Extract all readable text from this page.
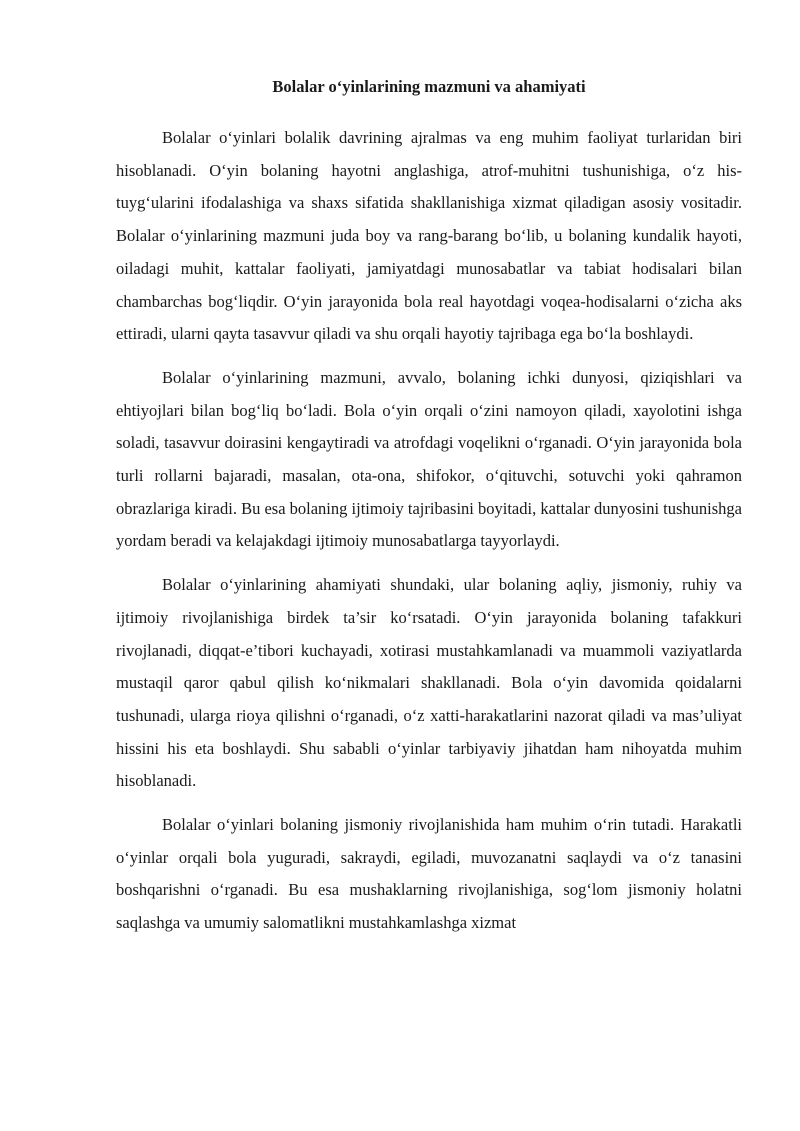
Bolalar o‘yinlarining mazmuni va ahamiyati

Bolalar o‘yinlari bolalik davrining ajralmas va eng muhim faoliyat turlaridan biri hisoblanadi. O‘yin bolaning hayotni anglashiga, atrof-muhitni tushunishiga, o‘z his-tuyg‘ularini ifodalashiga va shaxs sifatida shakllanishiga xizmat qiladigan asosiy vositadir. Bolalar o‘yinlarining mazmuni juda boy va rang-barang bo‘lib, u bolaning kundalik hayoti, oiladagi muhit, kattalar faoliyati, jamiyatdagi munosabatlar va tabiat hodisalari bilan chambarchas bog‘liqdir. O‘yin jarayonida bola real hayotdagi voqea-hodisalarni o‘zicha aks ettiradi, ularni qayta tasavvur qiladi va shu orqali hayotiy tajribaga ega bo‘la boshlaydi.

Bolalar o‘yinlarining mazmuni, avvalo, bolaning ichki dunyosi, qiziqishlari va ehtiyojlari bilan bog‘liq bo‘ladi. Bola o‘yin orqali o‘zini namoyon qiladi, xayolotini ishga soladi, tasavvur doirasini kengaytiradi va atrofdagi voqelikni o‘rganadi. O‘yin jarayonida bola turli rollarni bajaradi, masalan, ota-ona, shifokor, o‘qituvchi, sotuvchi yoki qahramon obrazlariga kiradi. Bu esa bolaning ijtimoiy tajribasini boyitadi, kattalar dunyosini tushunishga yordam beradi va kelajakdagi ijtimoiy munosabatlarga tayyorlaydi.

Bolalar o‘yinlarining ahamiyati shundaki, ular bolaning aqliy, jismoniy, ruhiy va ijtimoiy rivojlanishiga birdek ta’sir ko‘rsatadi. O‘yin jarayonida bolaning tafakkuri rivojlanadi, diqqat-e’tibori kuchayadi, xotirasi mustahkamlanadi va muammoli vaziyatlarda mustaqil qaror qabul qilish ko‘nikmalari shakllanadi. Bola o‘yin davomida qoidalarni tushunadi, ularga rioya qilishni o‘rganadi, o‘z xatti-harakatlarini nazorat qiladi va mas’uliyat hissini his eta boshlaydi. Shu sababli o‘yinlar tarbiyaviy jihatdan ham nihoyatda muhim hisoblanadi.

Bolalar o‘yinlari bolaning jismoniy rivojlanishida ham muhim o‘rin tutadi. Harakatli o‘yinlar orqali bola yuguradi, sakraydi, egiladi, muvozanatni saqlaydi va o‘z tanasini boshqarishni o‘rganadi. Bu esa mushaklarning rivojlanishiga, sog‘lom jismoniy holatni saqlashga va umumiy salomatlikni mustahkamlashga xizmat
